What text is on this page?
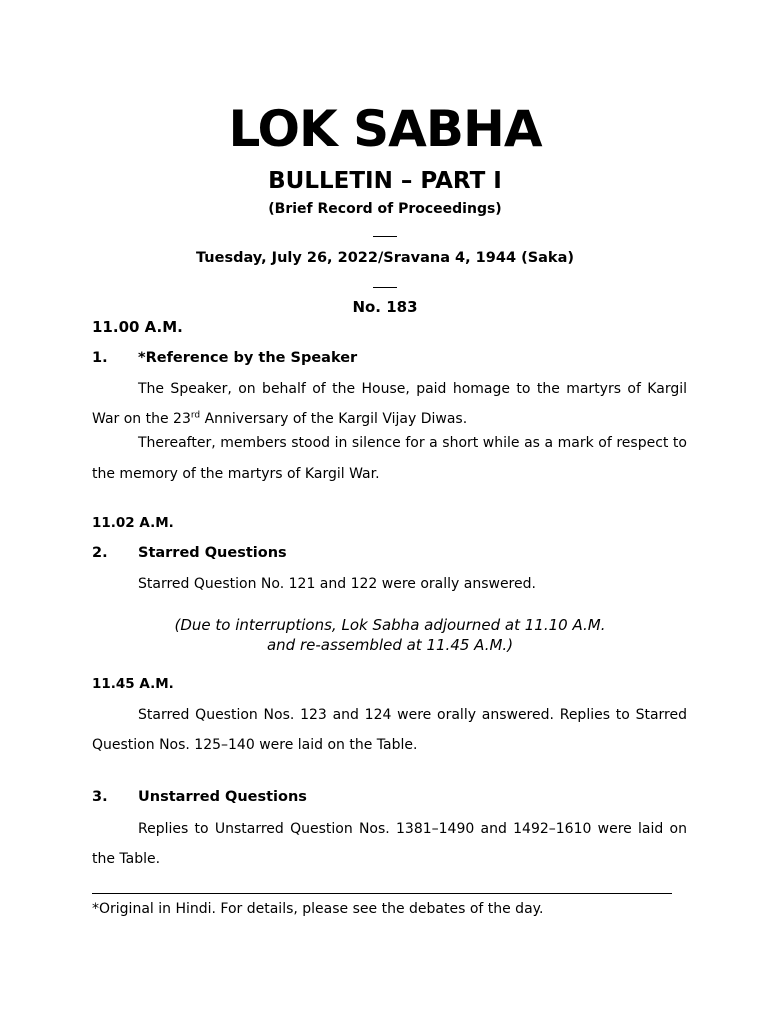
LOK SABHA
BULLETIN – PART I
(Brief Record of Proceedings)
Tuesday, July 26, 2022/Sravana 4, 1944 (Saka)
No. 183
11.00 A.M.
1. *Reference by the Speaker

The Speaker, on behalf of the House, paid homage to the martyrs of Kargil War on the 23rd Anniversary of the Kargil Vijay Diwas.

Thereafter, members stood in silence for a short while as a mark of respect to the memory of the martyrs of Kargil War.

11.02 A.M.
2. Starred Questions

Starred Question No. 121 and 122 were orally answered.

(Due to interruptions, Lok Sabha adjourned at 11.10 A.M.
and re-assembled at 11.45 A.M.)
11.45 A.M.

Starred Question Nos. 123 and 124 were orally answered. Replies to Starred Question Nos. 125–140 were laid on the Table.

3. Unstarred Questions

Replies to Unstarred Question Nos. 1381–1490 and 1492–1610 were laid on the Table.

*Original in Hindi. For details, please see the debates of the day.
